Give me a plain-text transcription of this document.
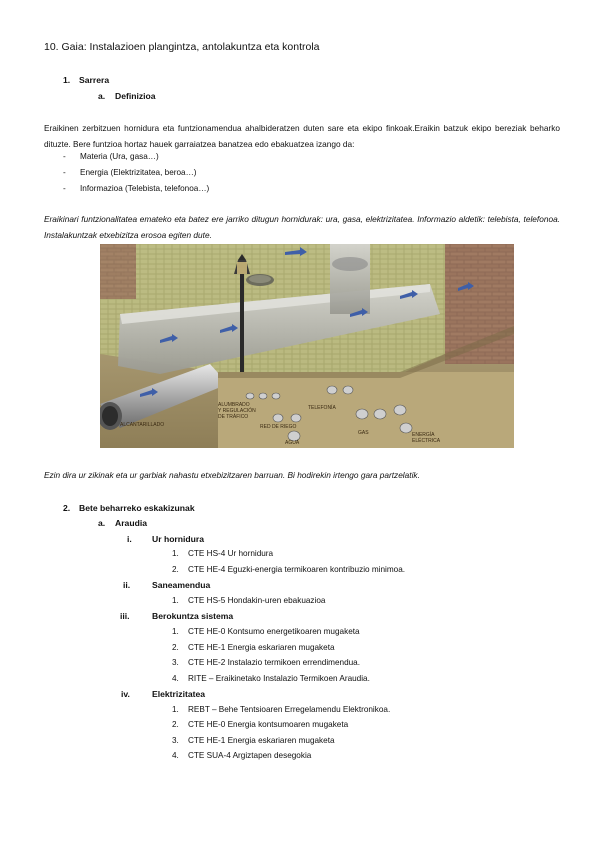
10. Gaia: Instalazioen plangintza, antolakuntza eta kontrola
1. Sarrera
a. Definizioa
Eraikinen zerbitzuen hornidura eta funtzionamendua ahalbideratzen duten sare eta ekipo finkoak.Eraikin batzuk ekipo bereziak beharko dituzte. Bere funtzioa hortaz hauek garraiatzea banatzea edo ebakuatzea izango da:
- Materia (Ura, gasa…)
- Energia (Elektrizitatea, beroa…)
- Informazioa (Telebista, telefonoa…)
Eraikinari funtzionalitatea emateko eta batez ere jarriko ditugun hornidurak: ura, gasa, elektrizitatea. Informazio aldetik: telebista, telefonoa. Instalakuntzak etxebizitza erosoa egiten dute.
ALCANTARILLADO
ALUMBRADO
Y REGULACIÓN
DE TRÁFICO
TELEFONÍA
RED DE RIEGO
GAS
AGUA
ENERGÍA
ELÉCTRICA
Ezin dira ur zikinak eta ur garbiak nahastu etxebizitzaren barruan. Bi hodirekin irtengo gara partzelatik.
2. Bete beharreko eskakizunak
a. Araudia
i. Ur hornidura
1. CTE HS-4 Ur hornidura
2. CTE HE-4 Eguzki-energia termikoaren kontribuzio minimoa.
ii.	Saneamendua
1. CTE HS-5 Hondakin-uren ebakuazioa
iii.	Berokuntza sistema
1. CTE HE-0 Kontsumo energetikoaren mugaketa
2. CTE HE-1 Energia eskariaren mugaketa
3. CTE HE-2 Instalazio termikoen errendimendua.
4. RITE – Eraikinetako Instalazio Termikoen Araudia.
iv.	Elektrizitatea
1. REBT – Behe Tentsioaren Erregelamendu Elektronikoa.
2. CTE HE-0 Energia kontsumoaren mugaketa
3. CTE HE-1 Energia eskariaren mugaketa
4. CTE SUA-4 Argiztapen desegokia
